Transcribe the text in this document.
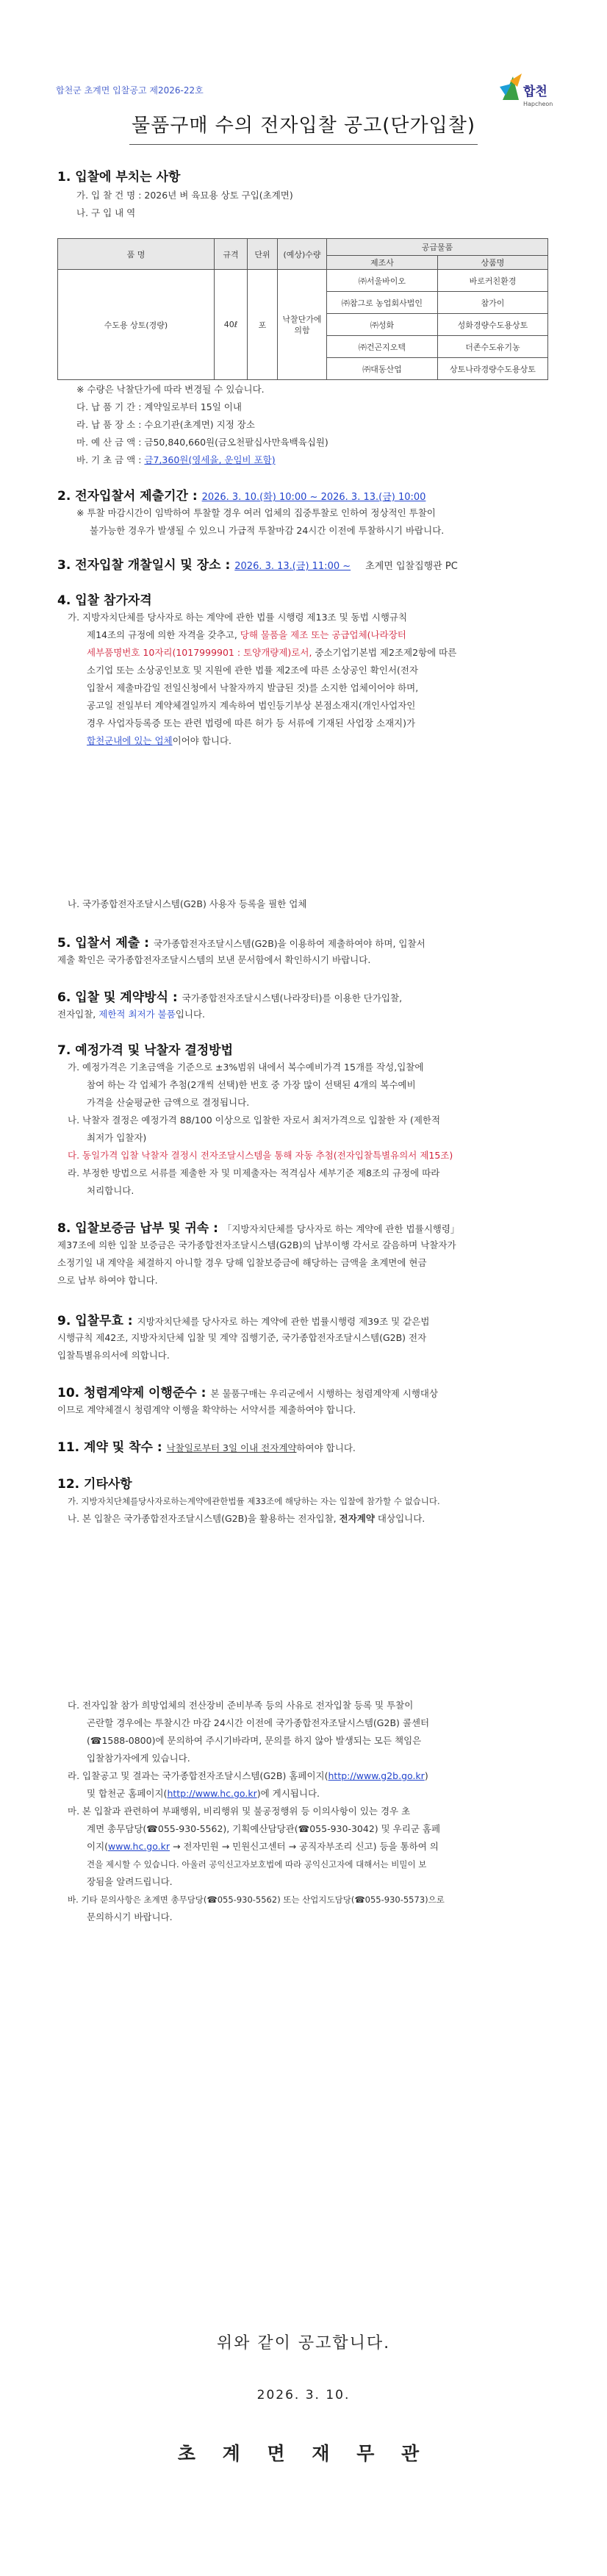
합천군 초계면 입찰공고 제2026-22호	합천
Hapcheon
물품구매 수의 전자입찰 공고(단가입찰)
1. 입찰에 부치는 사항
가. 입 찰 건 명 : 2026년 벼 육묘용 상토 구입(초계면)
나. 구 입 내 역
품 명	규격	단위	(예상)수량	공급물품	
				제조사	상품명
수도용 상토(경량)	40ℓ	포	낙찰단가에 의함	㈜서울바이오	바로커친환경
				㈜참그로 농업회사법인	참가이
				㈜성화	성화경량수도용상토
				㈜건곤지오텍	더존수도유기농
				㈜대동산업	상토나라경량수도용상토
※ 수량은 낙찰단가에 따라 변경될 수 있습니다.
다. 납 품 기 간 : 계약일로부터 15일 이내
라. 납 품 장 소 : 수요기관(초계면) 지정 장소
마. 예 산 금 액 : 금50,840,660원(금오천팔십사만육백육십원)
바. 기 초 금 액 : 금7,360원(영세율, 운임비 포함)
2. 전자입찰서 제출기간 : 2026. 3. 10.(화) 10:00 ~ 2026. 3. 13.(금) 10:00
※ 투찰 마감시간이 임박하여 투찰할 경우 여러 업체의 집중투찰로 인하여 정상적인 투찰이
불가능한 경우가 발생될 수 있으니 가급적 투찰마감 24시간 이전에 투찰하시기 바랍니다.
3. 전자입찰 개찰일시 및 장소 : 2026. 3. 13.(금) 11:00 ~ 초계면 입찰집행관 PC
4. 입찰 참가자격
가. 지방자치단체를 당사자로 하는 계약에 관한 법률 시행령 제13조 및 동법 시행규칙
제14조의 규정에 의한 자격을 갖추고, 당해 물품을 제조 또는 공급업체(나라장터
세부품명번호 10자리(1017999901 : 토양개량제)로서, 중소기업기본법 제2조제2항에 따른
소기업 또는 소상공인보호 및 지원에 관한 법률 제2조에 따른 소상공인 확인서(전자
입찰서 제출마감일 전일신청에서 낙찰자까지 발급된 것)를 소지한 업체이어야 하며,
공고일 전일부터 계약체결일까지 계속하여 법인등기부상 본점소재지(개인사업자인
경우 사업자등록증 또는 관련 법령에 따른 허가 등 서류에 기재된 사업장 소재지)가
합천군내에 있는 업체이어야 합니다.
나. 국가종합전자조달시스템(G2B) 사용자 등록을 필한 업체
5. 입찰서 제출 : 국가종합전자조달시스템(G2B)을 이용하여 제출하여야 하며, 입찰서
제출 확인은 국가종합전자조달시스템의 보낸 문서함에서 확인하시기 바랍니다.
6. 입찰 및 계약방식 : 국가종합전자조달시스템(나라장터)를 이용한 단가입찰,
전자입찰, 제한적 최저가 불품입니다.
7. 예정가격 및 낙찰자 결정방법
가. 예정가격은 기초금액을 기준으로 ±3%범위 내에서 복수예비가격 15개를 작성,입찰에
참여 하는 각 업체가 추첨(2개씩 선택)한 번호 중 가장 많이 선택된 4개의 복수예비
가격을 산술평균한 금액으로 결정됩니다.
나. 낙찰자 결정은 예정가격 88/100 이상으로 입찰한 자로서 최저가격으로 입찰한 자 (제한적
최저가 입찰자)
다. 동일가격 입찰 낙찰자 결정시 전자조달시스템을 통해 자동 추첨(전자입찰특별유의서 제15조)
라. 부정한 방법으로 서류를 제출한 자 및 미제출자는 적격심사 세부기준 제8조의 규정에 따라
처리합니다.
8. 입찰보증금 납부 및 귀속 : 「지방자치단체를 당사자로 하는 계약에 관한 법률시행령」
제37조에 의한 입찰 보증금은 국가종합전자조달시스템(G2B)의 납부이행 각서로 갈음하며 낙찰자가
소정기일 내 계약을 체결하지 아니할 경우 당해 입찰보증금에 해당하는 금액을 초계면에 현금
으로 납부 하여야 합니다.
9. 입찰무효 : 지방자치단체를 당사자로 하는 계약에 관한 법률시행령 제39조 및 같은법
시행규칙 제42조, 지방자치단체 입찰 및 계약 집행기준, 국가종합전자조달시스템(G2B) 전자
입찰특별유의서에 의합니다.
10. 청렴계약제 이행준수 : 본 물품구매는 우리군에서 시행하는 청렴계약제 시행대상
이므로 계약체결시 청렴계약 이행을 확약하는 서약서를 제출하여야 합니다.
11. 계약 및 착수 : 낙찰일로부터 3일 이내 전자계약하여야 합니다.
12. 기타사항
가. 지방자치단체를당사자로하는계약에관한법률 제33조에 해당하는 자는 입찰에 참가할 수 없습니다.
나. 본 입찰은 국가종합전자조달시스템(G2B)을 활용하는 전자입찰, 전자계약 대상입니다.
다. 전자입찰 참가 희망업체의 전산장비 준비부족 등의 사유로 전자입찰 등록 및 투찰이
곤란할 경우에는 투찰시간 마감 24시간 이전에 국가종합전자조달시스템(G2B) 콜센터
(☎1588-0800)에 문의하여 주시기바라며, 문의를 하지 않아 발생되는 모든 책임은
입찰참가자에게 있습니다.
라. 입찰공고 및 결과는 국가종합전자조달시스템(G2B) 홈페이지(http://www.g2b.go.kr)
및 합천군 홈페이지(http://www.hc.go.kr)에 게시됩니다.
마. 본 입찰과 관련하여 부패행위, 비리행위 및 불공정행위 등 이의사항이 있는 경우 초
계면 총무담당(☎055-930-5562), 기획예산담당관(☎055-930-3042) 및 우리군 홈페
이지(www.hc.go.kr → 전자민원 → 민원신고센터 → 공직자부조리 신고) 등을 통하여 의
견을 제시할 수 있습니다. 아울러 공익신고자보호법에 따라 공익신고자에 대해서는 비밀이 보
장됨을 알려드립니다.
바. 기타 문의사항은 초계면 총무담당(☎055-930-5562) 또는 산업지도담당(☎055-930-5573)으로
문의하시기 바랍니다.
위와 같이 공고합니다.
2026. 3. 10.
초 계 면 재 무 관
